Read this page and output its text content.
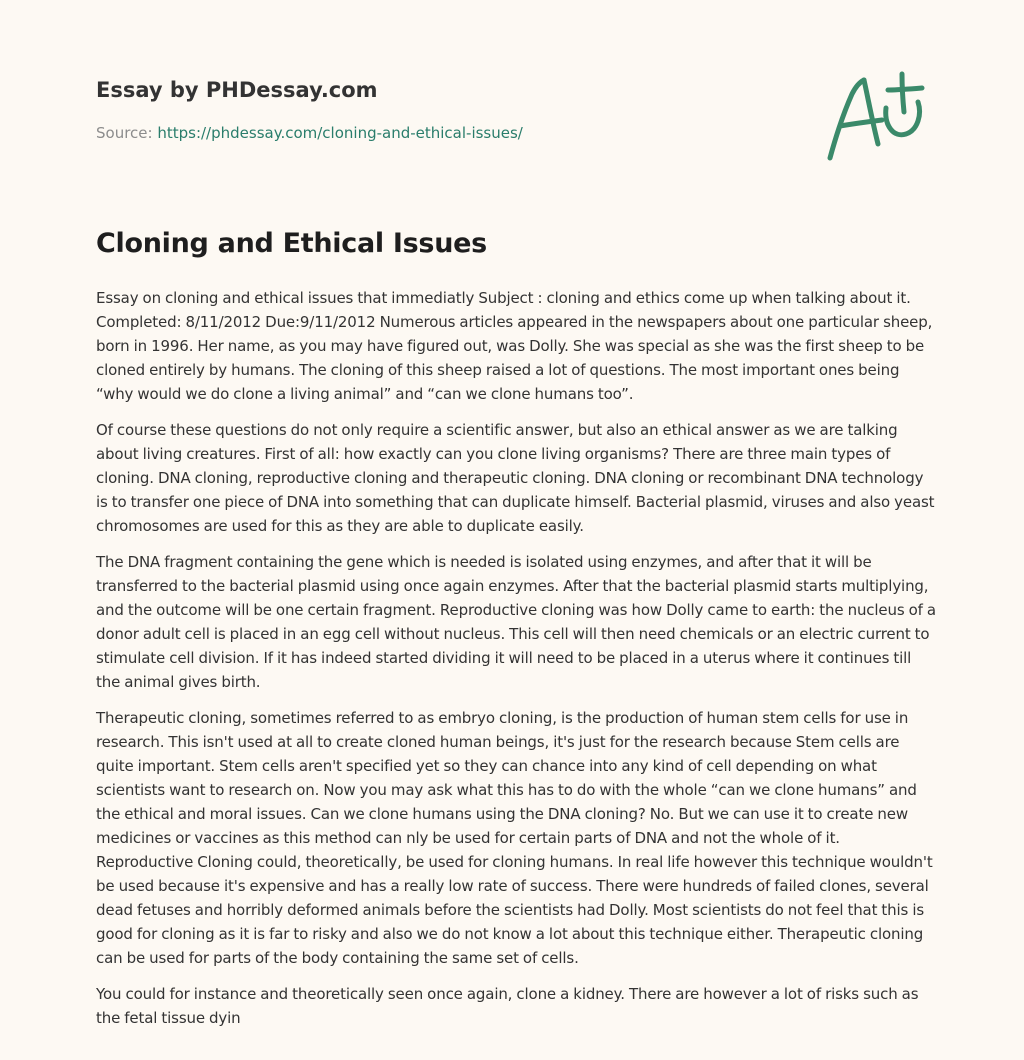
Essay by PHDessay.com
Source: https://phdessay.com/cloning-and-ethical-issues/
Cloning and Ethical Issues

Essay on cloning and ethical issues that immediatly Subject : cloning and ethics come up when talking about it. Completed: 8/11/2012 Due:9/11/2012 Numerous articles appeared in the newspapers about one particular sheep, born in 1996. Her name, as you may have figured out, was Dolly. She was special as she was the first sheep to be cloned entirely by humans. The cloning of this sheep raised a lot of questions. The most important ones being “why would we do clone a living animal” and “can we clone humans too”.

Of course these questions do not only require a scientific answer, but also an ethical answer as we are talking about living creatures. First of all: how exactly can you clone living organisms? There are three main types of cloning. DNA cloning, reproductive cloning and therapeutic cloning. DNA cloning or recombinant DNA technology is to transfer one piece of DNA into something that can duplicate himself. Bacterial plasmid, viruses and also yeast chromosomes are used for this as they are able to duplicate easily.

The DNA fragment containing the gene which is needed is isolated using enzymes, and after that it will be transferred to the bacterial plasmid using once again enzymes. After that the bacterial plasmid starts multiplying, and the outcome will be one certain fragment. Reproductive cloning was how Dolly came to earth: the nucleus of a donor adult cell is placed in an egg cell without nucleus. This cell will then need chemicals or an electric current to stimulate cell division. If it has indeed started dividing it will need to be placed in a uterus where it continues till the animal gives birth.

Therapeutic cloning, sometimes referred to as embryo cloning, is the production of human stem cells for use in research. This isn't used at all to create cloned human beings, it's just for the research because Stem cells are quite important. Stem cells aren't specified yet so they can chance into any kind of cell depending on what scientists want to research on. Now you may ask what this has to do with the whole “can we clone humans” and the ethical and moral issues. Can we clone humans using the DNA cloning? No. But we can use it to create new medicines or vaccines as this method can nly be used for certain parts of DNA and not the whole of it. Reproductive Cloning could, theoretically, be used for cloning humans. In real life however this technique wouldn't be used because it's expensive and has a really low rate of success. There were hundreds of failed clones, several dead fetuses and horribly deformed animals before the scientists had Dolly. Most scientists do not feel that this is good for cloning as it is far to risky and also we do not know a lot about this technique either. Therapeutic cloning can be used for parts of the body containing the same set of cells.

You could for instance and theoretically seen once again, clone a kidney. There are however a lot of risks such as the fetal tissue dyin
